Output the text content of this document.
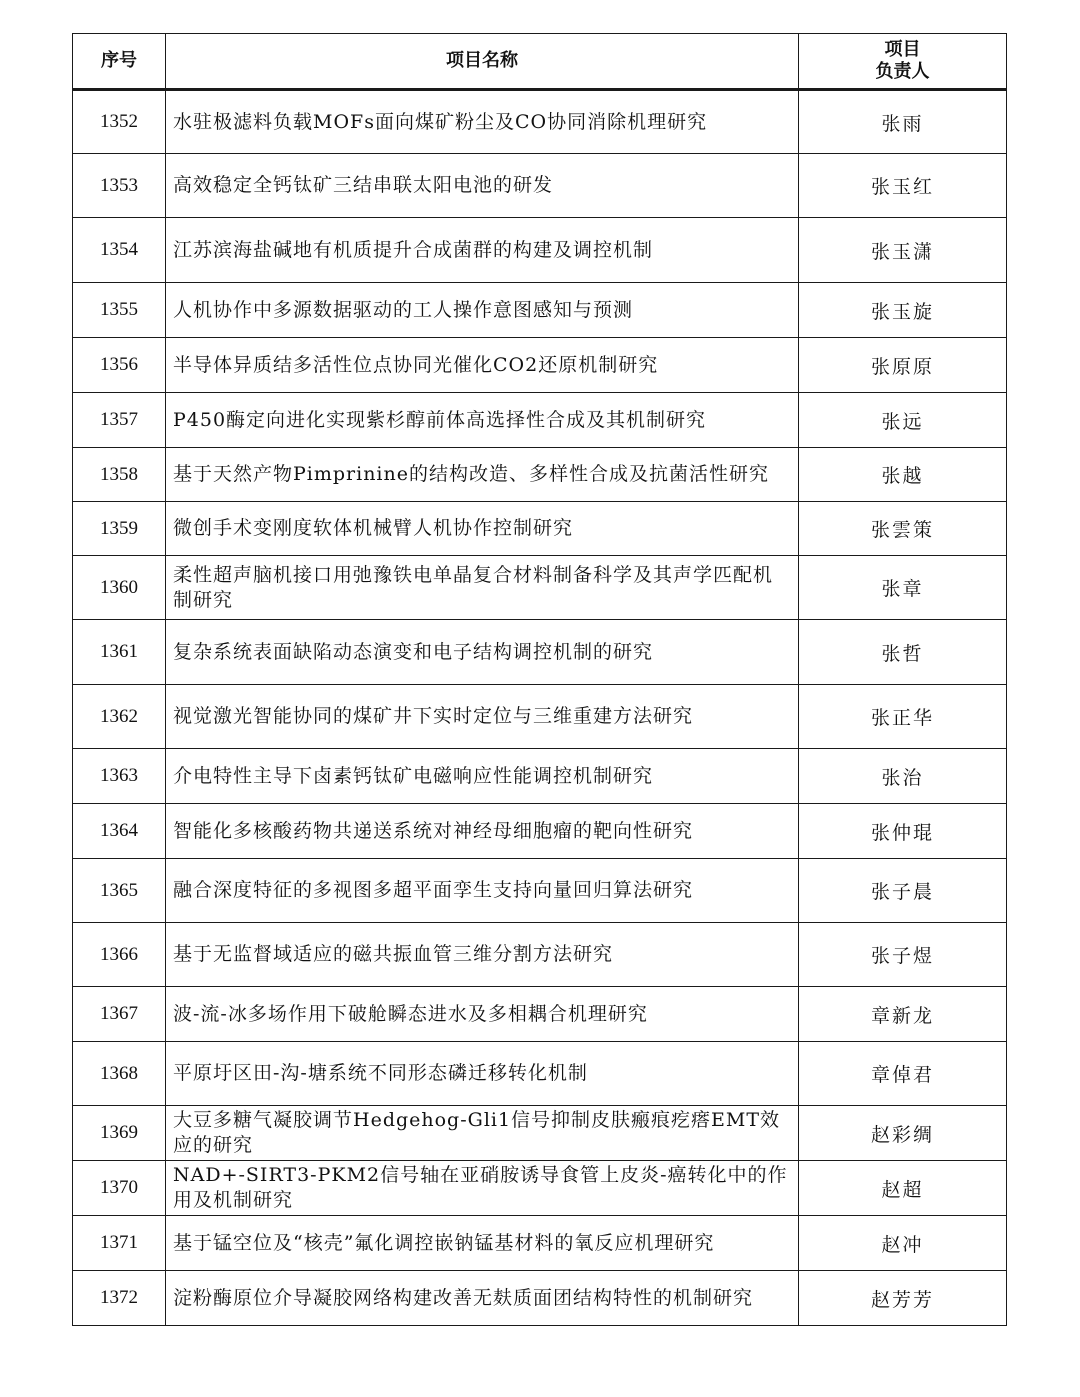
序号	项目名称	项目
负责人

1352	水驻极滤料负载MOFs面向煤矿粉尘及CO协同消除机理研究	张雨
1353	高效稳定全钙钛矿三结串联太阳电池的研发	张玉红
1354	江苏滨海盐碱地有机质提升合成菌群的构建及调控机制	张玉潇
1355	人机协作中多源数据驱动的工人操作意图感知与预测	张玉旋
1356	半导体异质结多活性位点协同光催化CO2还原机制研究	张原原
1357	P450酶定向进化实现紫杉醇前体高选择性合成及其机制研究	张远
1358	基于天然产物Pimprinine的结构改造、多样性合成及抗菌活性研究	张越
1359	微创手术变刚度软体机械臂人机协作控制研究	张雲策
1360	柔性超声脑机接口用弛豫铁电单晶复合材料制备科学及其声学匹配机制研究	张章
1361	复杂系统表面缺陷动态演变和电子结构调控机制的研究	张哲
1362	视觉激光智能协同的煤矿井下实时定位与三维重建方法研究	张正华
1363	介电特性主导下卤素钙钛矿电磁响应性能调控机制研究	张治
1364	智能化多核酸药物共递送系统对神经母细胞瘤的靶向性研究	张仲琨
1365	融合深度特征的多视图多超平面孪生支持向量回归算法研究	张子晨
1366	基于无监督域适应的磁共振血管三维分割方法研究	张子煜
1367	波-流-冰多场作用下破舱瞬态进水及多相耦合机理研究	章新龙
1368	平原圩区田-沟-塘系统不同形态磷迁移转化机制	章倬君
1369	大豆多糖气凝胶调节Hedgehog-Gli1信号抑制皮肤瘢痕疙瘩EMT效应的研究	赵彩绸
1370	NAD+-SIRT3-PKM2信号轴在亚硝胺诱导食管上皮炎-癌转化中的作用及机制研究	赵超
1371	基于锰空位及“核壳”氟化调控嵌钠锰基材料的氧反应机理研究	赵冲
1372	淀粉酶原位介导凝胶网络构建改善无麸质面团结构特性的机制研究	赵芳芳
